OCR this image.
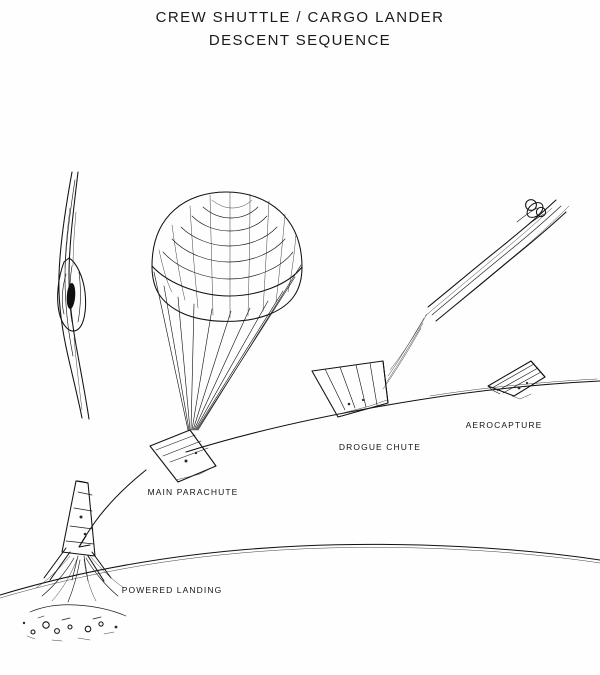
CREW SHUTTLE / CARGO LANDER
DESCENT SEQUENCE
AEROCAPTURE
DROGUE CHUTE
MAIN PARACHUTE
POWERED LANDING
